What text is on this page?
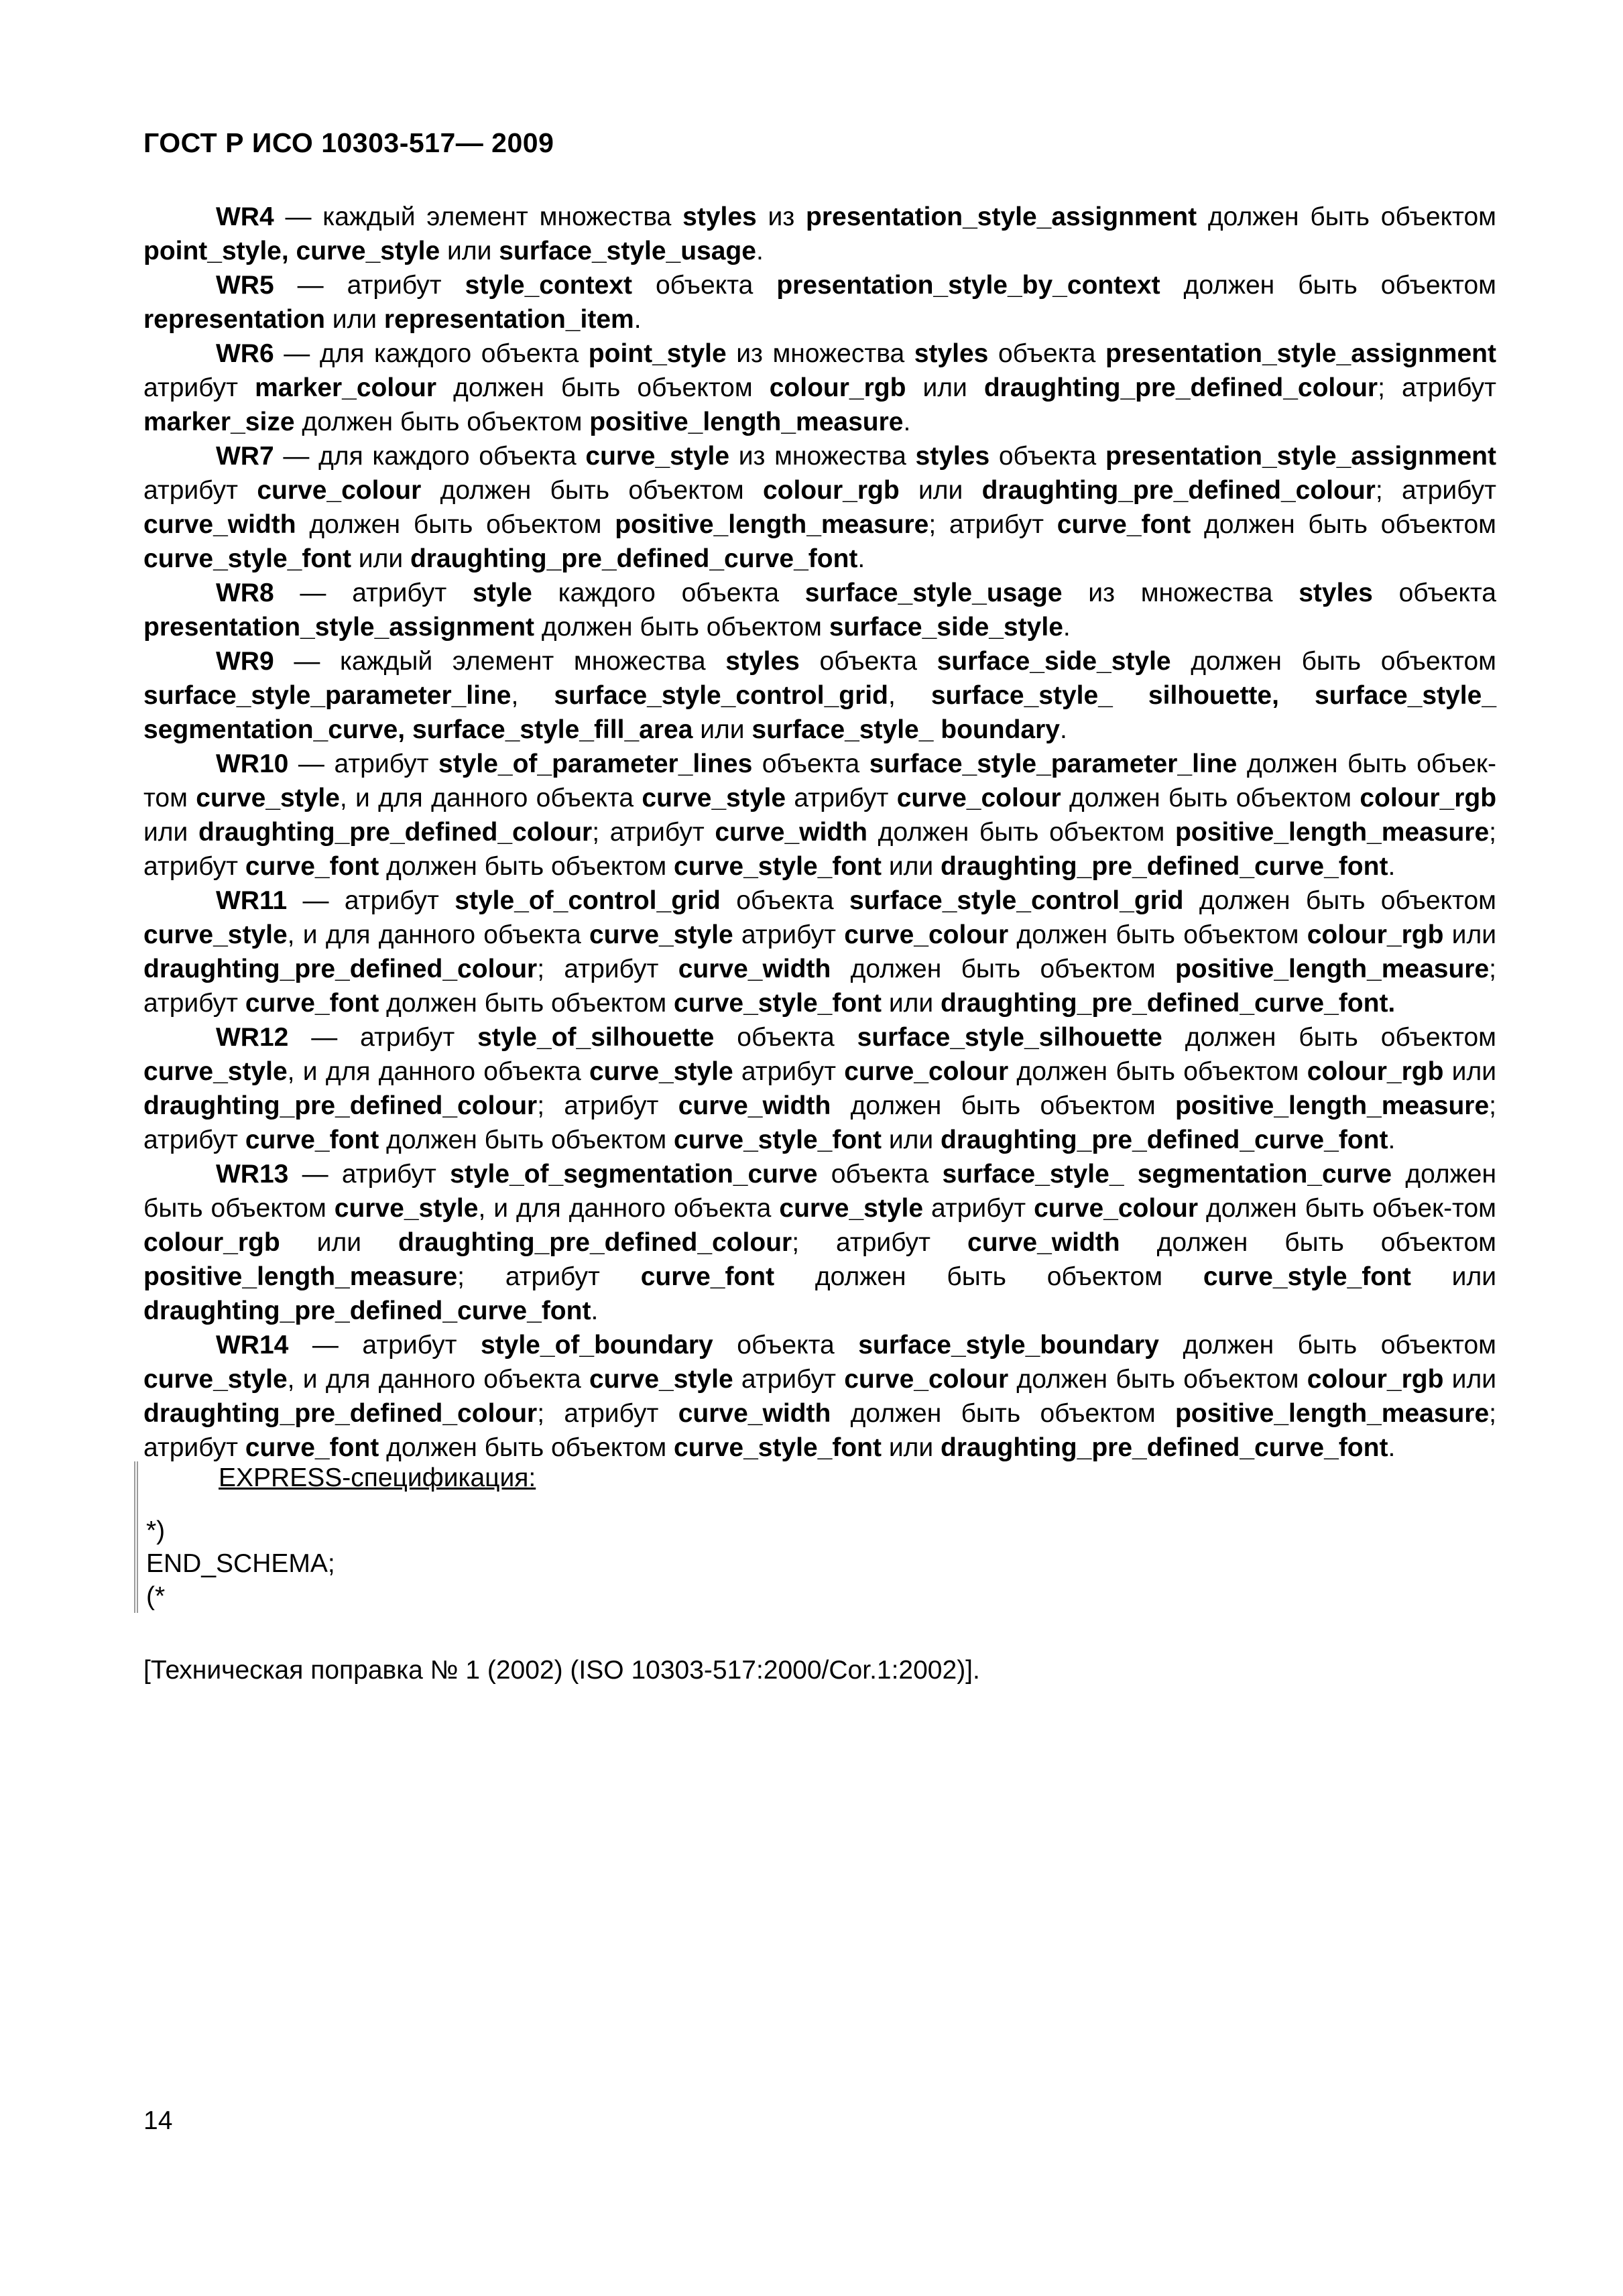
ГОСТ Р ИСО 10303-517— 2009

WR4 — каждый элемент множества styles из presentation_style_assignment должен быть объектом point_style, curve_style или surface_style_usage.

WR5 — атрибут style_context объекта presentation_style_by_context должен быть объектом representation или representation_item.

WR6 — для каждого объекта point_style из множества styles объекта presentation_style_assignment атрибут marker_colour должен быть объектом colour_rgb или draughting_pre_defined_colour; атрибут marker_size должен быть объектом positive_length_measure.

WR7 — для каждого объекта curve_style из множества styles объекта presentation_style_assignment атрибут curve_colour должен быть объектом colour_rgb или draughting_pre_defined_colour; атрибут curve_width должен быть объектом positive_length_measure; атрибут curve_font должен быть объектом curve_style_font или draughting_pre_defined_curve_font.

WR8 — атрибут style каждого объекта surface_style_usage из множества styles объекта presentation_style_assignment должен быть объектом surface_side_style.

WR9 — каждый элемент множества styles объекта surface_side_style должен быть объектом surface_style_parameter_line, surface_style_control_grid, surface_style_ silhouette, surface_style_ segmentation_curve, surface_style_fill_area или surface_style_ boundary.

WR10 — атрибут style_of_parameter_lines объекта surface_style_parameter_line должен быть объек-том curve_style, и для данного объекта curve_style атрибут curve_colour должен быть объектом colour_rgb или draughting_pre_defined_colour; атрибут curve_width должен быть объектом positive_length_measure; атрибут curve_font должен быть объектом curve_style_font или draughting_pre_defined_curve_font.

WR11 — атрибут style_of_control_grid объекта surface_style_control_grid должен быть объектом curve_style, и для данного объекта curve_style атрибут curve_colour должен быть объектом colour_rgb или draughting_pre_defined_colour; атрибут curve_width должен быть объектом positive_length_measure; атрибут curve_font должен быть объектом curve_style_font или draughting_pre_defined_curve_font.

WR12 — атрибут style_of_silhouette объекта surface_style_silhouette должен быть объектом curve_style, и для данного объекта curve_style атрибут curve_colour должен быть объектом colour_rgb или draughting_pre_defined_colour; атрибут curve_width должен быть объектом positive_length_measure; атрибут curve_font должен быть объектом curve_style_font или draughting_pre_defined_curve_font.

WR13 — атрибут style_of_segmentation_curve объекта surface_style_ segmentation_curve должен быть объектом curve_style, и для данного объекта curve_style атрибут curve_colour должен быть объек-том colour_rgb или draughting_pre_defined_colour; атрибут curve_width должен быть объектом positive_length_measure; атрибут curve_font должен быть объектом curve_style_font или draughting_pre_defined_curve_font.

WR14 — атрибут style_of_boundary объекта surface_style_boundary должен быть объектом curve_style, и для данного объекта curve_style атрибут curve_colour должен быть объектом colour_rgb или draughting_pre_defined_colour; атрибут curve_width должен быть объектом positive_length_measure; атрибут curve_font должен быть объектом curve_style_font или draughting_pre_defined_curve_font.

EXPRESS-спецификация:
*)
END_SCHEMA;
(*
[Техническая поправка № 1 (2002) (ISO 10303-517:2000/Cor.1:2002)].
14
